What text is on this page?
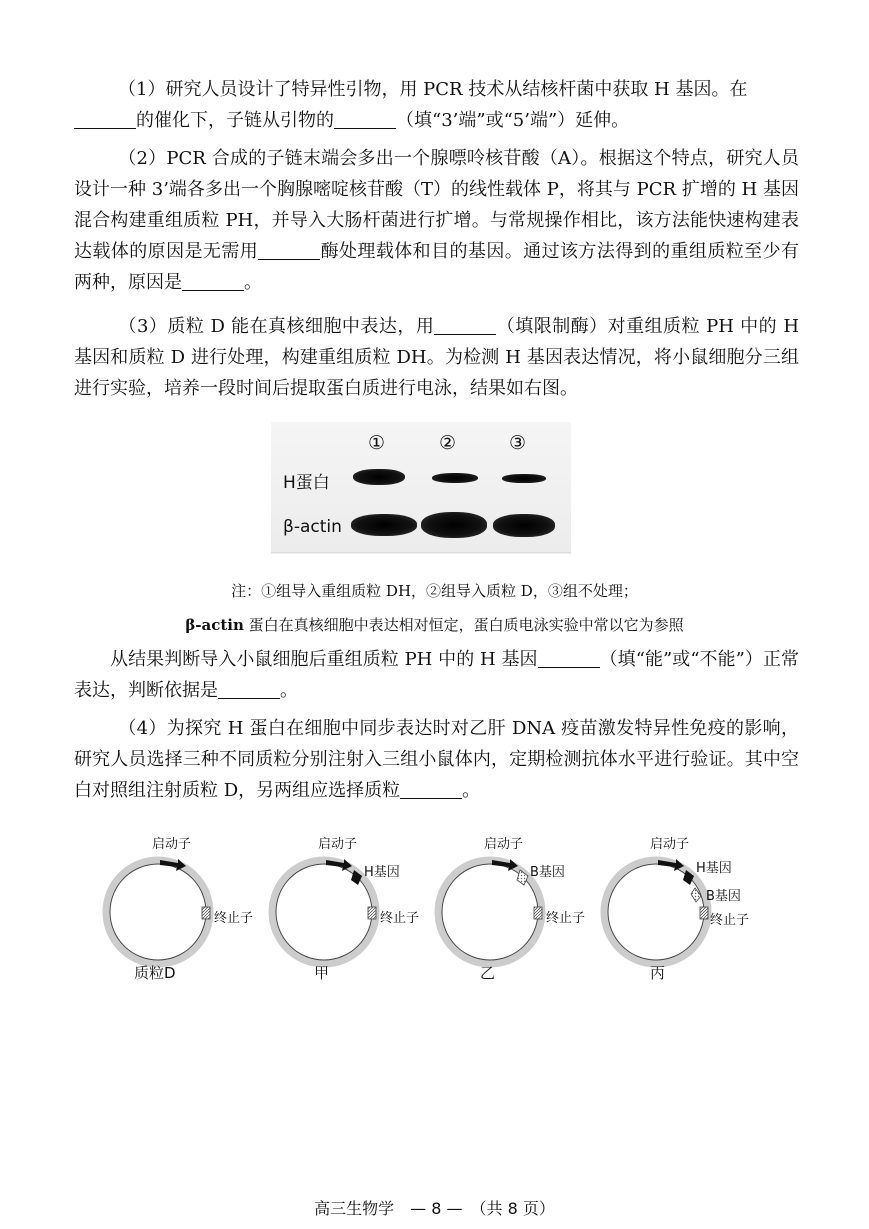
（1）研究人员设计了特异性引物，用 PCR 技术从结核杆菌中获取 H 基因。在
的催化下，子链从引物的	（填“3’端”或“5’端”）延伸。

（2）PCR 合成的子链末端会多出一个腺嘌呤核苷酸（A）。根据这个特点，研究人员设计一种 3’端各多出一个胸腺嘧啶核苷酸（T）的线性载体 P，将其与 PCR 扩增的 H 基因混合构建重组质粒 PH，并导入大肠杆菌进行扩增。与常规操作相比，该方法能快速构建表达载体的原因是无需用	酶处理载体和目的基因。通过该方法得到的重组质粒至少有两种，原因是	。

（3）质粒 D 能在真核细胞中表达，用	（填限制酶）对重组质粒 PH 中的 H 基因和质粒 D 进行处理，构建重组质粒 DH。为检测 H 基因表达情况，将小鼠细胞分三组进行实验，培养一段时间后提取蛋白质进行电泳，结果如右图。

①	②	③
H蛋白
β-actin
注：①组导入重组质粒 DH，②组导入质粒 D，③组不处理；
β-actin 蛋白在真核细胞中表达相对恒定，蛋白质电泳实验中常以它为参照

从结果判断导入小鼠细胞后重组质粒 PH 中的 H 基因	（填“能”或“不能”）正常表达，判断依据是	。

（4）为探究 H 蛋白在细胞中同步表达时对乙肝 DNA 疫苗激发特异性免疫的影响，研究人员选择三种不同质粒分别注射入三组小鼠体内，定期检测抗体水平进行验证。其中空白对照组注射质粒 D，另两组应选择质粒	。

启动子
终止子
质粒D
启动子
H基因
终止子
甲
启动子
B基因
终止子
乙
启动子
H基因
B基因
终止子
丙
高三生物学　— 8 —　（共 8 页）
